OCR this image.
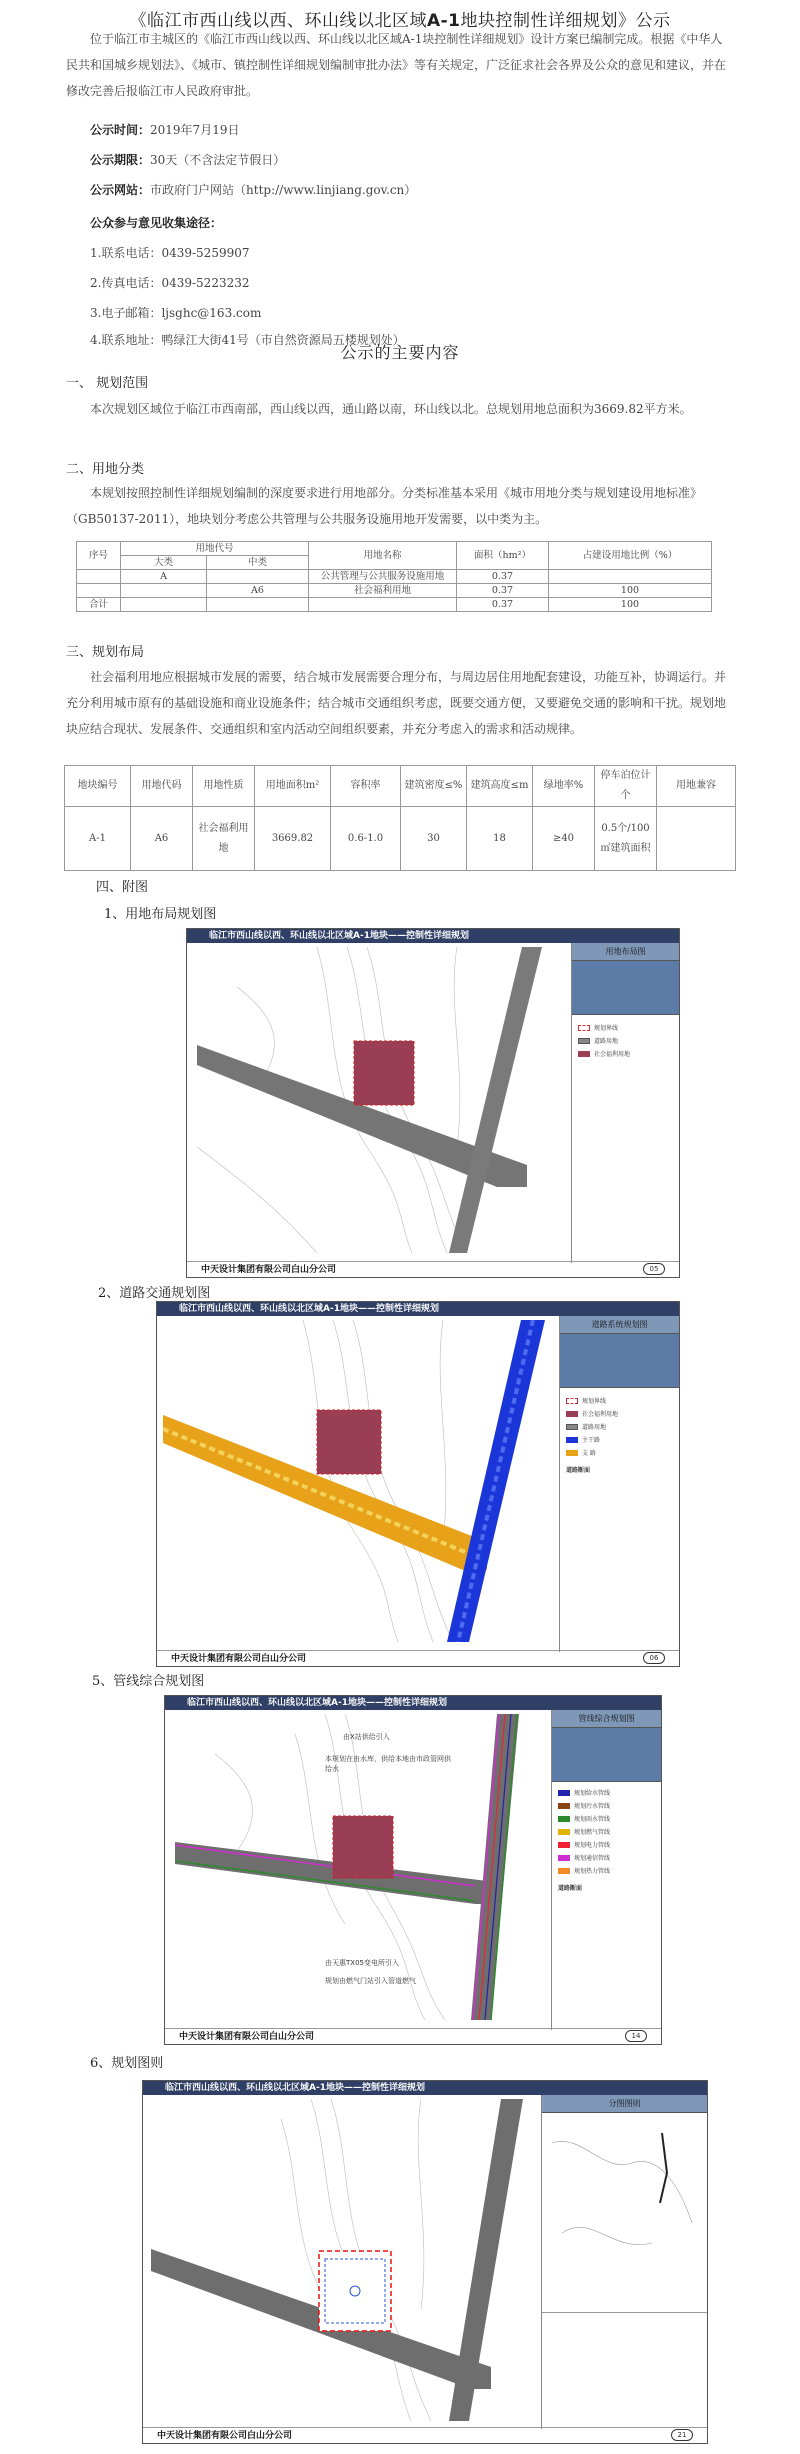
《临江市西山线以西、环山线以北区域A-1地块控制性详细规划》公示
位于临江市主城区的《临江市西山线以西、环山线以北区域A-1块控制性详细规划》设计方案已编制完成。根据《中华人民共和国城乡规划法》、《城市、镇控制性详细规划编制审批办法》等有关规定，广泛征求社会各界及公众的意见和建议，并在修改完善后报临江市人民政府审批。
公示时间：2019年7月19日
公示期限：30天（不含法定节假日）
公示网站：市政府门户网站（http://www.linjiang.gov.cn）
公众参与意见收集途径：
1.联系电话：0439-5259907
2.传真电话：0439-5223232
3.电子邮箱：ljsghc@163.com
4.联系地址：鸭绿江大街41号（市自然资源局五楼规划处）
公示的主要内容
一、 规划范围
本次规划区域位于临江市西南部，西山线以西，通山路以南，环山线以北。总规划用地总面积为3669.82平方米。
二、用地分类
本规划按照控制性详细规划编制的深度要求进行用地部分。分类标准基本采用《城市用地分类与规划建设用地标准》（GB50137-2011），地块划分考虑公共管理与公共服务设施用地开发需要，以中类为主。
序号	用地代号		用地名称	面积（hm²）	占建设用地比例（%）
	大类	中类			
	A		公共管理与公共服务设施用地	0.37	
		A6	社会福利用地	0.37	100
合计				0.37	100
三、规划布局
社会福利用地应根据城市发展的需要，结合城市发展需要合理分布，与周边居住用地配套建设，功能互补，协调运行。并充分利用城市原有的基础设施和商业设施条件；结合城市交通组织考虑，既要交通方便，又要避免交通的影响和干扰。规划地块应结合现状、发展条件、交通组织和室内活动空间组织要素，并充分考虑入的需求和活动规律。
地块编号	用地代码	用地性质	用地面积m²	容积率	建筑密度≤%	建筑高度≤m	绿地率%	停车泊位计个	用地兼容
A-1	A6	社会福利用地	3669.82	0.6-1.0	30	18	≥40	0.5个/100㎡建筑面积	
四、附图
1、用地布局规划图
临江市西山线以西、环山线以北区域A-1地块——控制性详细规划
用地布局图
规划界线
道路用地
社会福利用地
中天设计集团有限公司白山分公司	05
2、道路交通规划图
临江市西山线以西、环山线以北区域A-1地块——控制性详细规划
道路系统规划图
规划界线
社会福利用地
道路用地
主干路
支 路
道路断面
中天设计集团有限公司白山分公司	06
5、管线综合规划图
临江市西山线以西、环山线以北区域A-1地块——控制性详细规划
由X站供给引入
本规划在由水库，供给本地由市政管网供给水
由天惠TX05变电所引入
规划由燃气门站引入管道燃气
管线综合规划图
规划给水管线
规划污水管线
规划雨水管线
规划燃气管线
规划电力管线
规划通信管线
规划热力管线
道路断面
中天设计集团有限公司白山分公司	14
6、规划图则
临江市西山线以西、环山线以北区域A-1地块——控制性详细规划
分图图则
中天设计集团有限公司白山分公司	21
